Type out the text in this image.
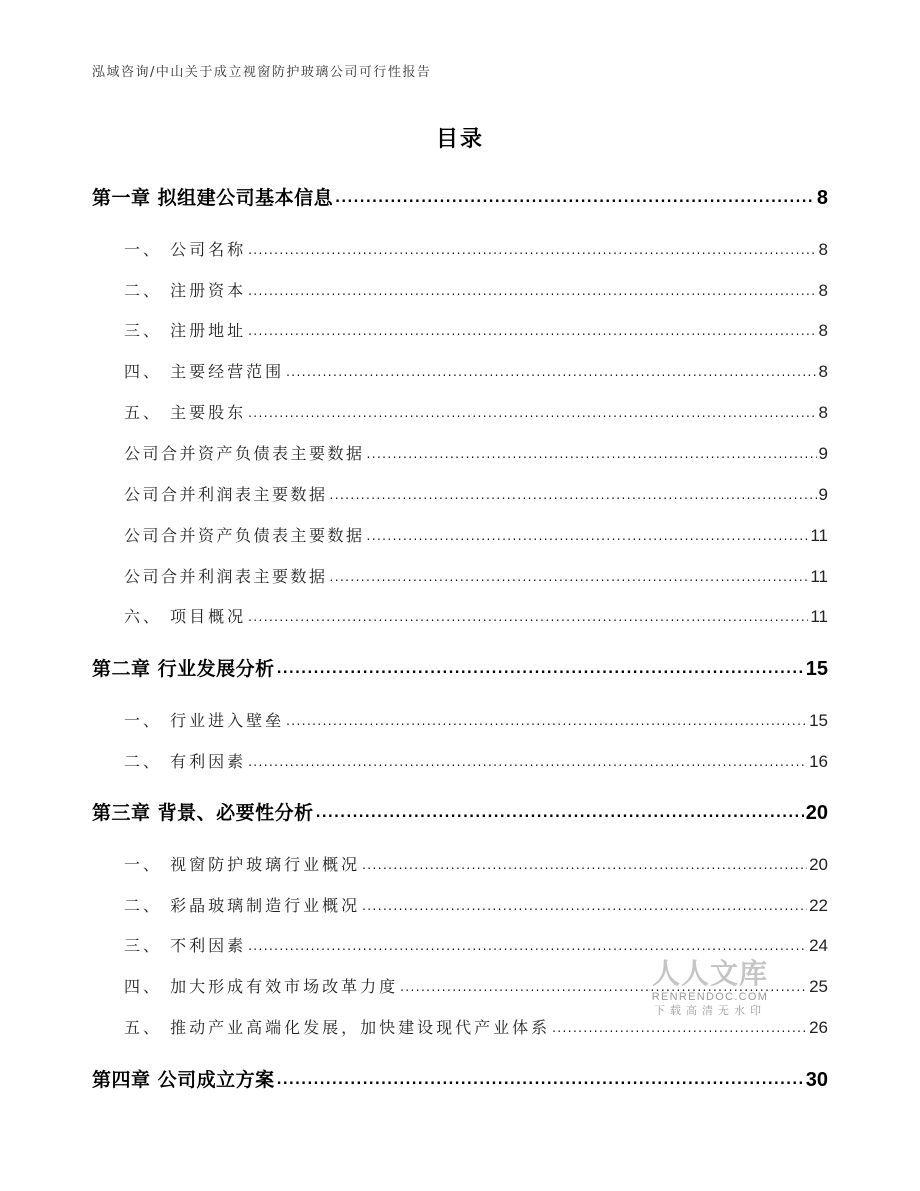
泓域咨询/中山关于成立视窗防护玻璃公司可行性报告
目录
第一章 拟组建公司基本信息 .....	8
一、 公司名称 .....	8
二、 注册资本 .....	8
三、 注册地址 .....	8
四、 主要经营范围 .....	8
五、 主要股东 .....	8
公司合并资产负债表主要数据 .....	9
公司合并利润表主要数据 .....	9
公司合并资产负债表主要数据 .....	11
公司合并利润表主要数据 .....	11
六、 项目概况 .....	11
第二章 行业发展分析 .....	15
一、 行业进入壁垒 .....	15
二、 有利因素 .....	16
第三章 背景、必要性分析 .....	20
一、 视窗防护玻璃行业概况 .....	20
二、 彩晶玻璃制造行业概况 .....	22
三、 不利因素 .....	24
四、 加大形成有效市场改革力度 .....	25
五、 推动产业高端化发展，加快建设现代产业体系 .....	26
第四章 公司成立方案 .....	30
人人文库
RENRENDOC.COM
下载高清无水印
